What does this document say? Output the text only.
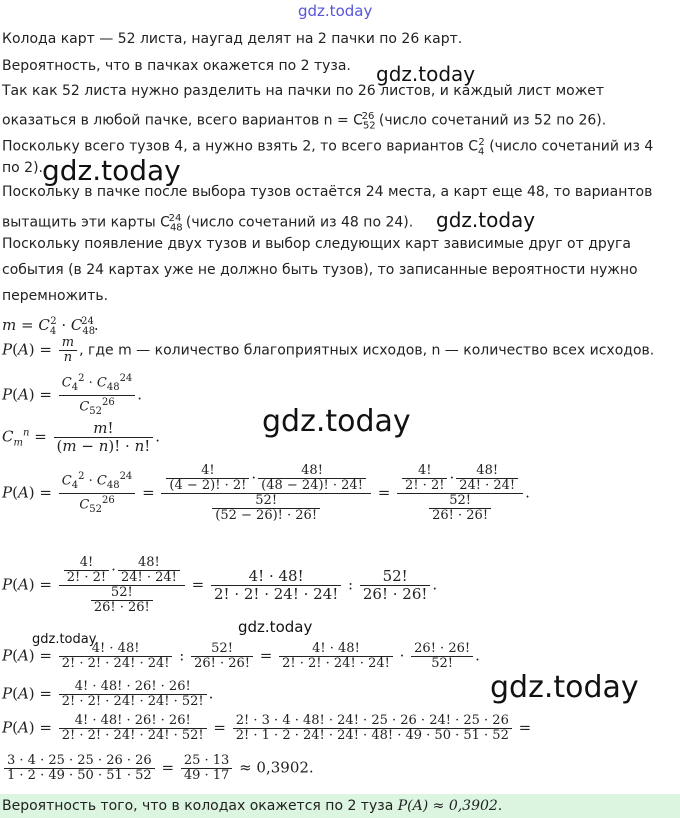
gdz.today
gdz.today
gdz.today
gdz.today
gdz.today
gdz.today
gdz.today
gdz.today
Колода карт — 52 листа, наугад делят на 2 пачки по 26 карт.
Вероятность, что в пачках окажется по 2 туза.
Так как 52 листа нужно разделить на пачки по 26 листов, и каждый лист может
оказаться в любой пачке, всего вариантов $n = C_{52}^{26}$ (число сочетаний из 52 по 26).
Поскольку всего тузов 4, а нужно взять 2, то всего вариантов $C_4^2$ (число сочетаний из 4
по 2).
Поскольку в пачке после выбора тузов остаётся 24 места, а карт еще 48, то вариантов
вытащить эти карты $C_{48}^{24}$ (число сочетаний из 48 по 24).
Поскольку появление двух тузов и выбор следующих карт зависимые друг от друга
события (в 24 картах уже не должно быть тузов), то записанные вероятности нужно
перемножить.
$m = C_4^2 \cdot C_{48}^{24}$.
$P(A) = \frac{m}{n}$ , где m — количество благоприятных исходов, n — количество всех исходов.
$P(A) = \frac{C_4^2 \cdot C_{48}^{24}}{C_{52}^{26}}$ .
$C_m^n = \frac{m!}{(m - n)! \cdot n!}$ .
$P(A) = \frac{C_4^2 \cdot C_{48}^{24}}{C_{52}^{26}} = \frac{\frac{4!}{(4 - 2)! \cdot 2!} \cdot \frac{48!}{(48 - 24)! \cdot 24!}}{\frac{52!}{(52 - 26)! \cdot 26!}} = \frac{\frac{4!}{2! \cdot 2!} \cdot \frac{48!}{24! \cdot 24!}}{\frac{52!}{26! \cdot 26!}}$ .
$P(A) = \frac{\frac{4!}{2! \cdot 2!} \cdot \frac{48!}{24! \cdot 24!}}{\frac{52!}{26! \cdot 26!}} = \frac{4! \cdot 48!}{2! \cdot 2! \cdot 24! \cdot 24!}$ : $\frac{52!}{26! \cdot 26!}$ .
$P(A) = \frac{4! \cdot 48!}{2! \cdot 2! \cdot 24! \cdot 24!}$ : $\frac{52!}{26! \cdot 26!} = \frac{4! \cdot 48!}{2! \cdot 2! \cdot 24! \cdot 24!} \cdot \frac{26! \cdot 26!}{52!}$ .
$P(A) = \frac{4! \cdot 48! \cdot 26! \cdot 26!}{2! \cdot 2! \cdot 24! \cdot 24! \cdot 52!}$ .
$P(A) = \frac{4! \cdot 48! \cdot 26! \cdot 26!}{2! \cdot 2! \cdot 24! \cdot 24! \cdot 52!} = \frac{2! \cdot 3 \cdot 4 \cdot 48! \cdot 24! \cdot 25 \cdot 26 \cdot 24! \cdot 25 \cdot 26}{2! \cdot 1 \cdot 2 \cdot 24! \cdot 24! \cdot 48! \cdot 49 \cdot 50 \cdot 51 \cdot 52}$ =
$\frac{3 \cdot 4 \cdot 25 \cdot 25 \cdot 26 \cdot 26}{1 \cdot 2 \cdot 49 \cdot 50 \cdot 51 \cdot 52} = \frac{25 \cdot 13}{49 \cdot 17} \approx 0,3902$.
Вероятность того, что в колодах окажется по 2 туза P(A) ≈ 0,3902.
